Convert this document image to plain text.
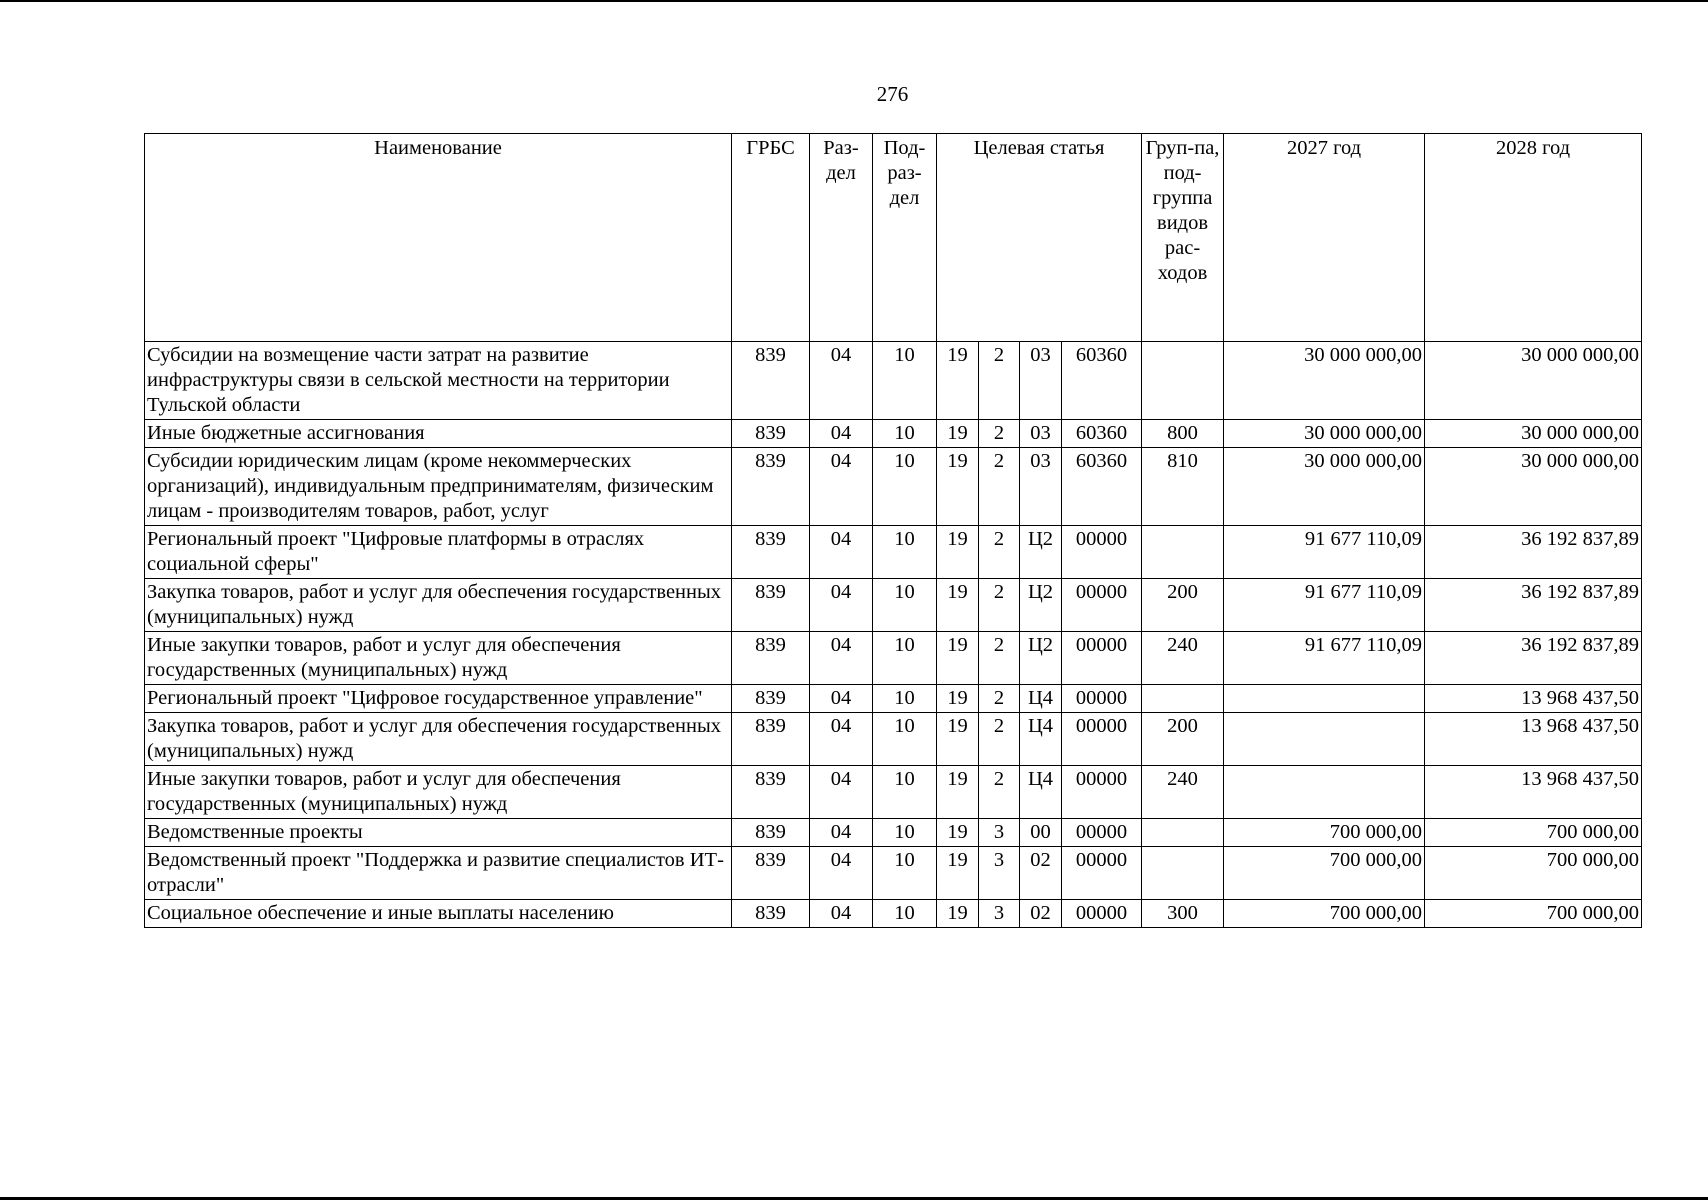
276
Наименование	ГРБС	Раз-дел	Под-раз-дел	Целевая статья				Груп-па, под-группа видов рас-ходов	2027 год	2028 год
Субсидии на возмещение части затрат на развитие инфраструктуры связи в сельской местности на территории Тульской области	839	04	10	19	2	03	60360		30 000 000,00	30 000 000,00
Иные бюджетные ассигнования	839	04	10	19	2	03	60360	800	30 000 000,00	30 000 000,00
Субсидии юридическим лицам (кроме некоммерческих организаций), индивидуальным предпринимателям, физическим лицам - производителям товаров, работ, услуг	839	04	10	19	2	03	60360	810	30 000 000,00	30 000 000,00
Региональный проект "Цифровые платформы в отраслях социальной сферы"	839	04	10	19	2	Ц2	00000		91 677 110,09	36 192 837,89
Закупка товаров, работ и услуг для обеспечения государственных (муниципальных) нужд	839	04	10	19	2	Ц2	00000	200	91 677 110,09	36 192 837,89
Иные закупки товаров, работ и услуг для обеспечения государственных (муниципальных) нужд	839	04	10	19	2	Ц2	00000	240	91 677 110,09	36 192 837,89
Региональный проект "Цифровое государственное управление"	839	04	10	19	2	Ц4	00000			13 968 437,50
Закупка товаров, работ и услуг для обеспечения государственных (муниципальных) нужд	839	04	10	19	2	Ц4	00000	200		13 968 437,50
Иные закупки товаров, работ и услуг для обеспечения государственных (муниципальных) нужд	839	04	10	19	2	Ц4	00000	240		13 968 437,50
Ведомственные проекты	839	04	10	19	3	00	00000		700 000,00	700 000,00
Ведомственный проект "Поддержка и развитие специалистов ИТ-отрасли"	839	04	10	19	3	02	00000		700 000,00	700 000,00
Социальное обеспечение и иные выплаты населению	839	04	10	19	3	02	00000	300	700 000,00	700 000,00
